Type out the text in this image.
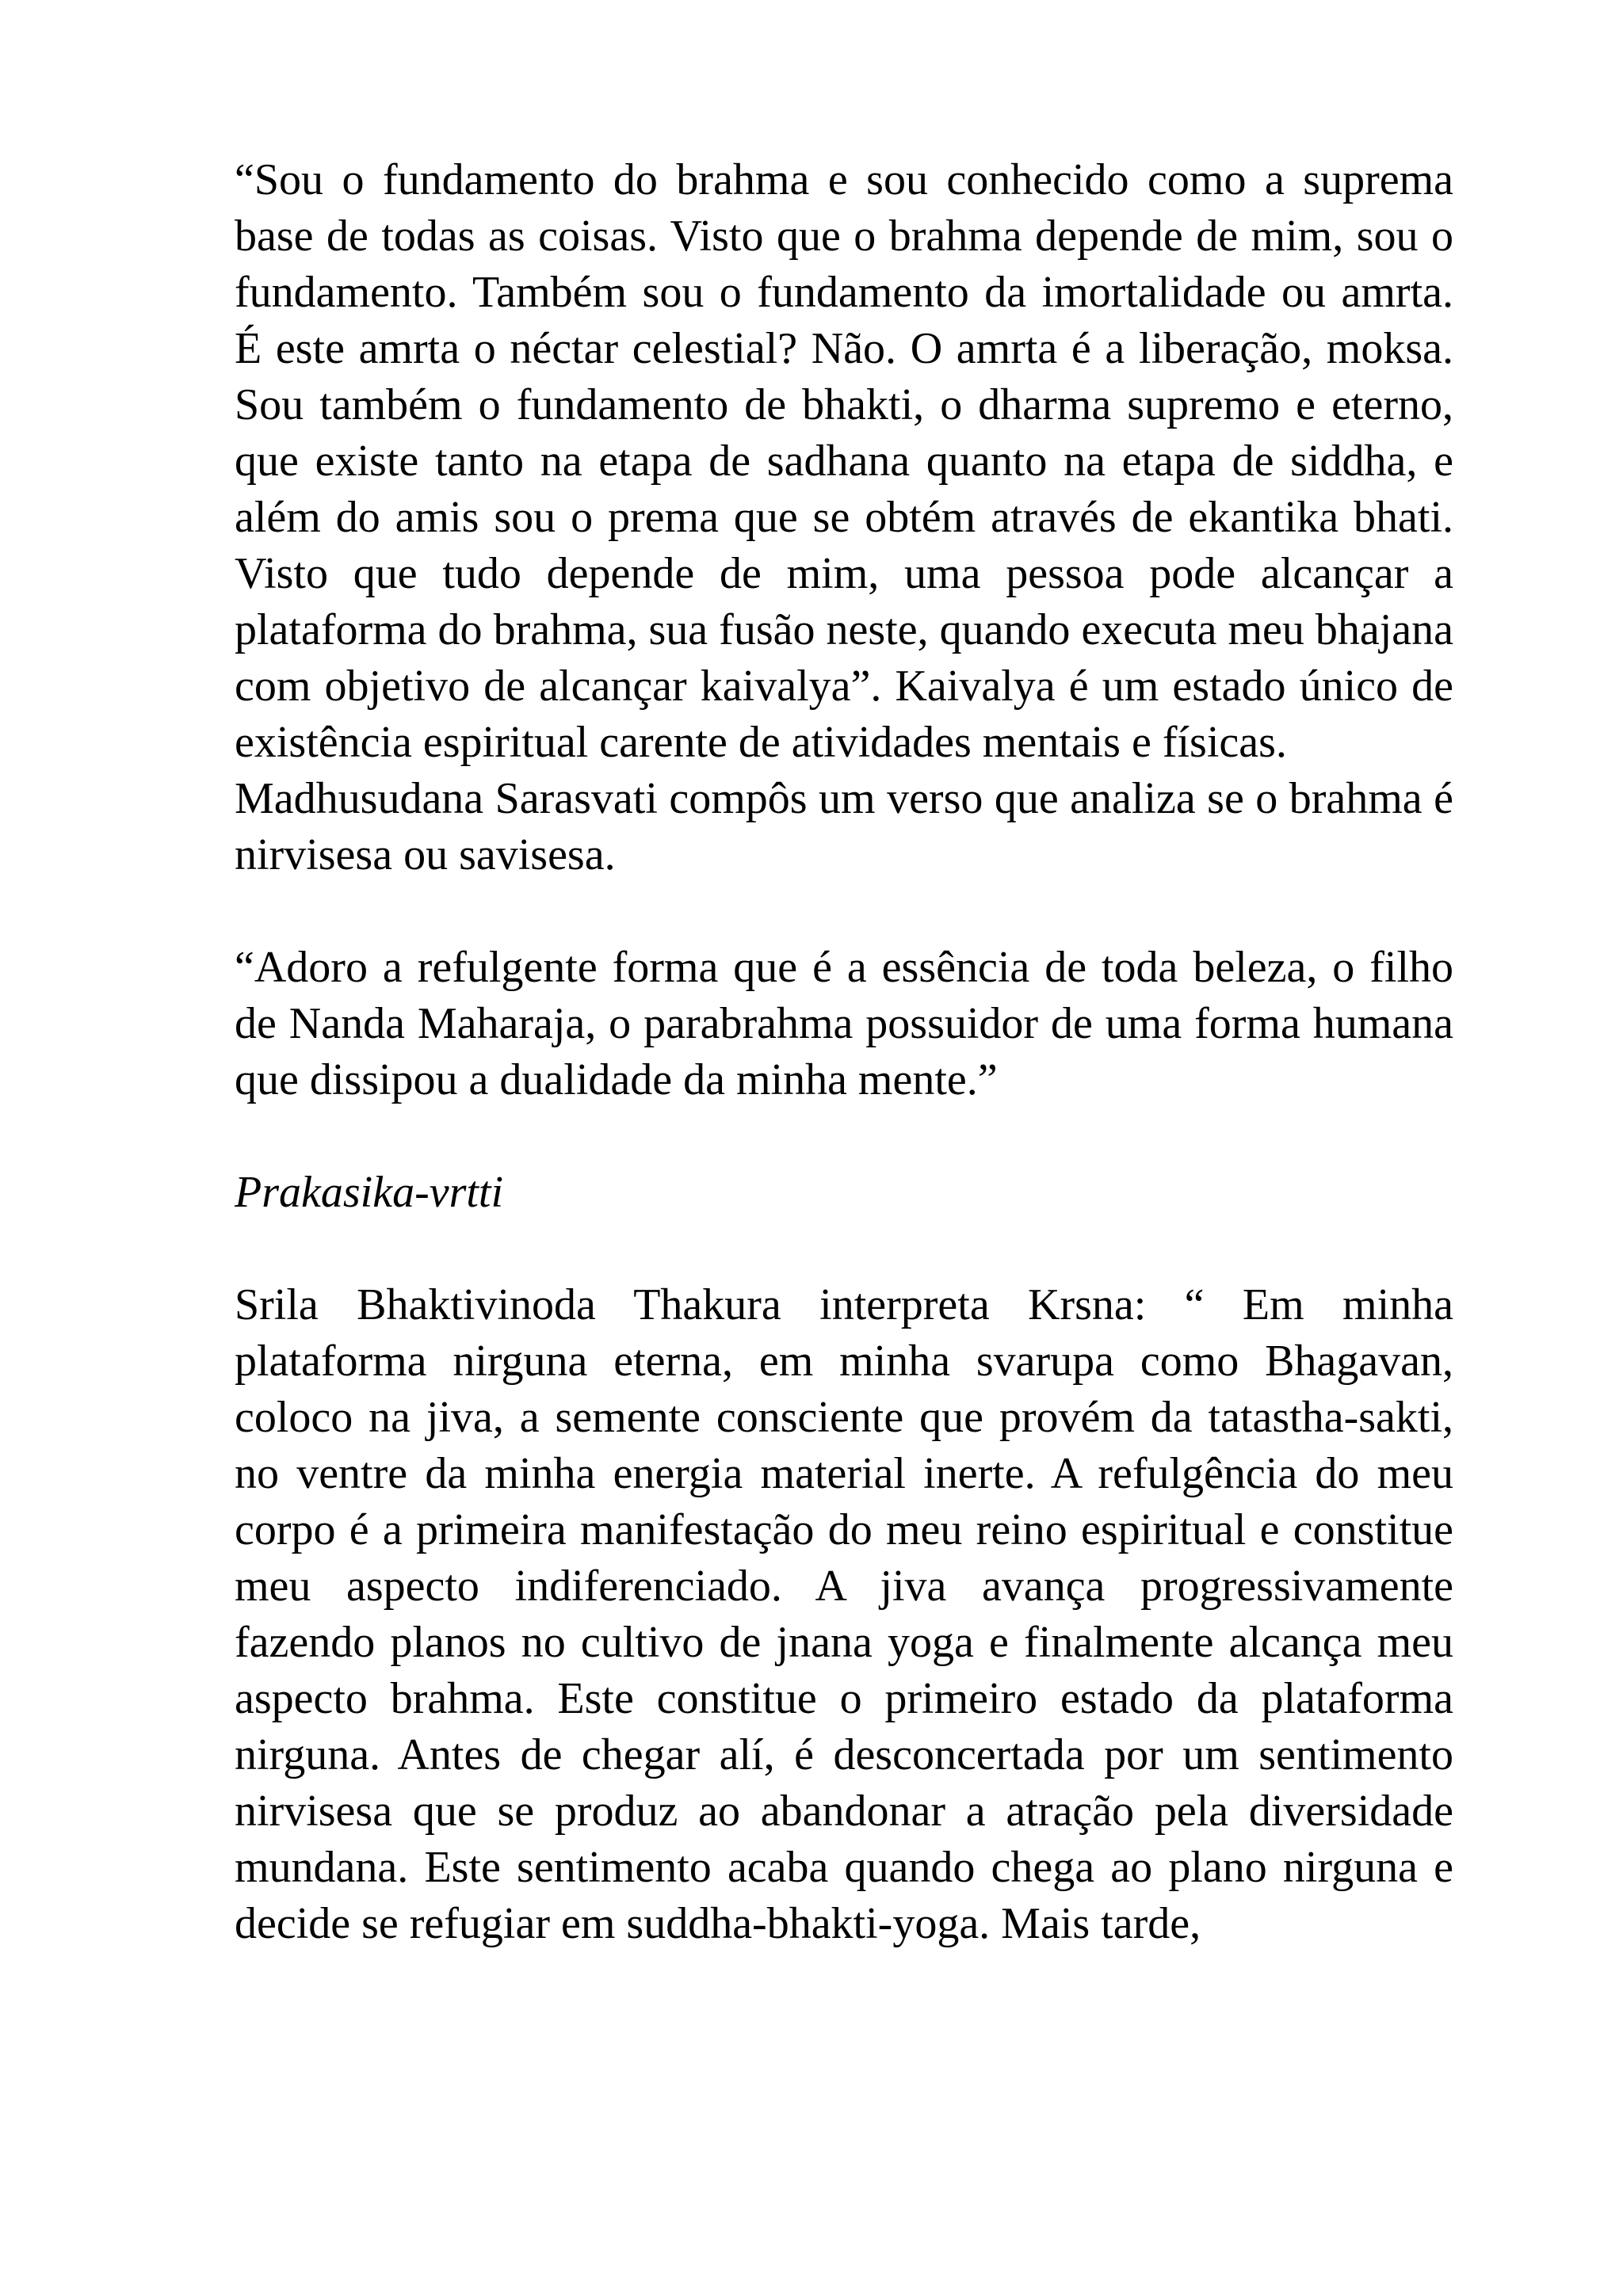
“Sou o fundamento do brahma e sou conhecido como a suprema base de todas as coisas. Visto que o brahma depende de mim, sou o fundamento. Também sou o fundamento da imortalidade ou amrta. É este amrta o néctar celestial? Não. O amrta é a liberação, moksa. Sou também o fundamento de bhakti, o dharma supremo e eterno, que existe tanto na etapa de sadhana quanto na etapa de siddha, e além do amis sou o prema que se obtém através de ekantika bhati. Visto que tudo depende de mim, uma pessoa pode alcançar a plataforma do brahma, sua fusão neste, quando executa meu bhajana com objetivo de alcançar kaivalya”. Kaivalya é um estado único de existência espiritual carente de atividades mentais e físicas.

Madhusudana Sarasvati compôs um verso que analiza se o brahma é nirvisesa ou savisesa.

“Adoro a refulgente forma que é a essência de toda beleza, o filho de Nanda Maharaja, o parabrahma possuidor de uma forma humana que dissipou a dualidade da minha mente.”

Prakasika-vrtti

Srila Bhaktivinoda Thakura interpreta Krsna: “ Em minha plataforma nirguna eterna, em minha svarupa como Bhagavan, coloco na jiva, a semente consciente que provém da tatastha-sakti, no ventre da minha energia material inerte. A refulgência do meu corpo é a primeira manifestação do meu reino espiritual e constitue meu aspecto indiferenciado. A jiva avança progressivamente fazendo planos no cultivo de jnana yoga e finalmente alcança meu aspecto brahma. Este constitue o primeiro estado da plataforma nirguna. Antes de chegar alí, é desconcertada por um sentimento nirvisesa que se produz ao abandonar a atração pela diversidade mundana. Este sentimento acaba quando chega ao plano nirguna e decide se refugiar em suddha-bhakti-yoga. Mais tarde,
